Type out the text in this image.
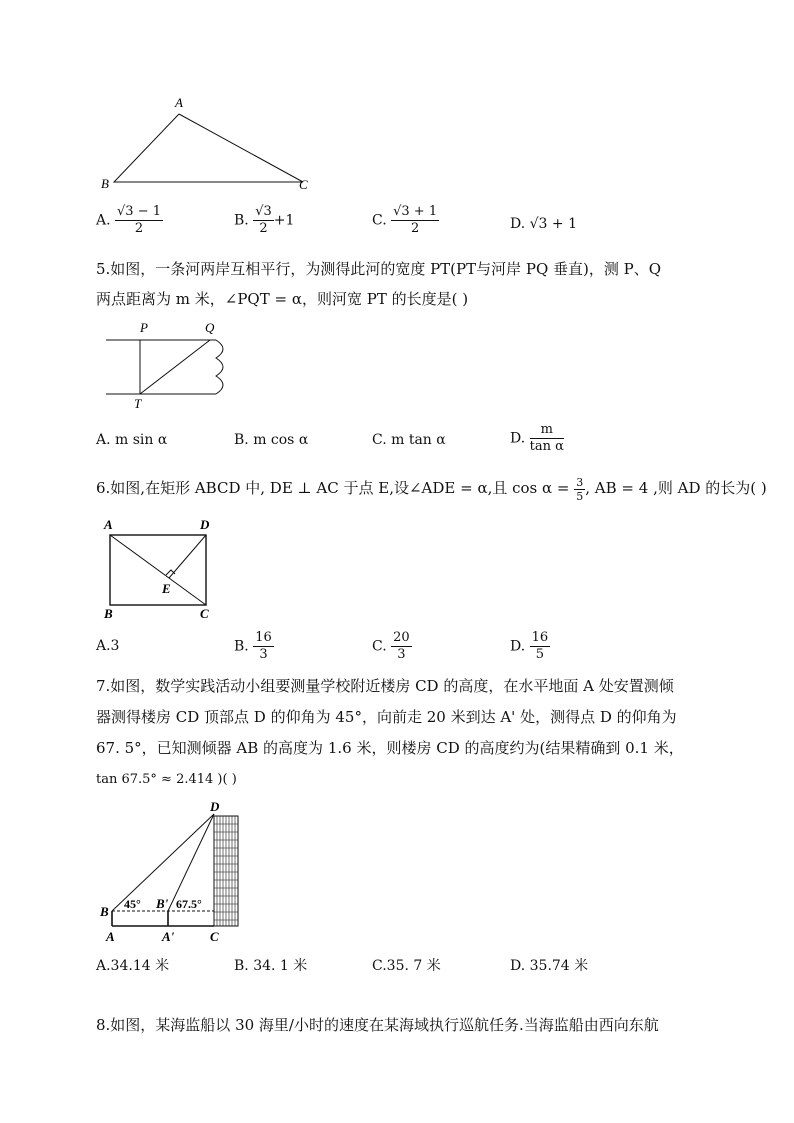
A
B	C
A. $\frac{√3 - 1}{2}$	B. $\frac{√3}{2} +1$	C. $\frac{√3 + 1}{2}$	D. √3 + 1
5.如图，一条河两岸互相平行，为测得此河的宽度 PT(PT与河岸 PQ 垂直)，测 P、Q
两点距离为 m 米，∠PQT = α，则河宽 PT 的长度是( )
P	Q
T
A. m sin α	B. m cos α	C. m tan α	D. $\frac{m}{\text{tan α}}$
6.如图,在矩形 ABCD 中, DE ⊥ AC 于点 E,设∠ADE = α,且 $\cos \alpha = \frac{3}{5}$ , AB = 4 ,则 AD 的长为( )
A	D
B	C
E
A.3	B. $\frac{16}{3}$	C. $\frac{20}{3}$	D. $\frac{16}{5}$
7.如图，数学实践活动小组要测量学校附近楼房 CD 的高度，在水平地面 A 处安置测倾
器测得楼房 CD 顶部点 D 的仰角为 45°，向前走 20 米到达 A' 处，测得点 D 的仰角为
67. 5°，已知测倾器 AB 的高度为 1.6 米，则楼房 CD 的高度约为(结果精确到 0.1 米，
tan 67.5° ≈ 2.414 )( )
D
B
B'
A	A'	C
45°	67.5°
A.34.14 米	B. 34. 1 米	C.35. 7 米	D. 35.74 米
8.如图，某海监船以 30 海里/小时的速度在某海域执行巡航任务.当海监船由西向东航
